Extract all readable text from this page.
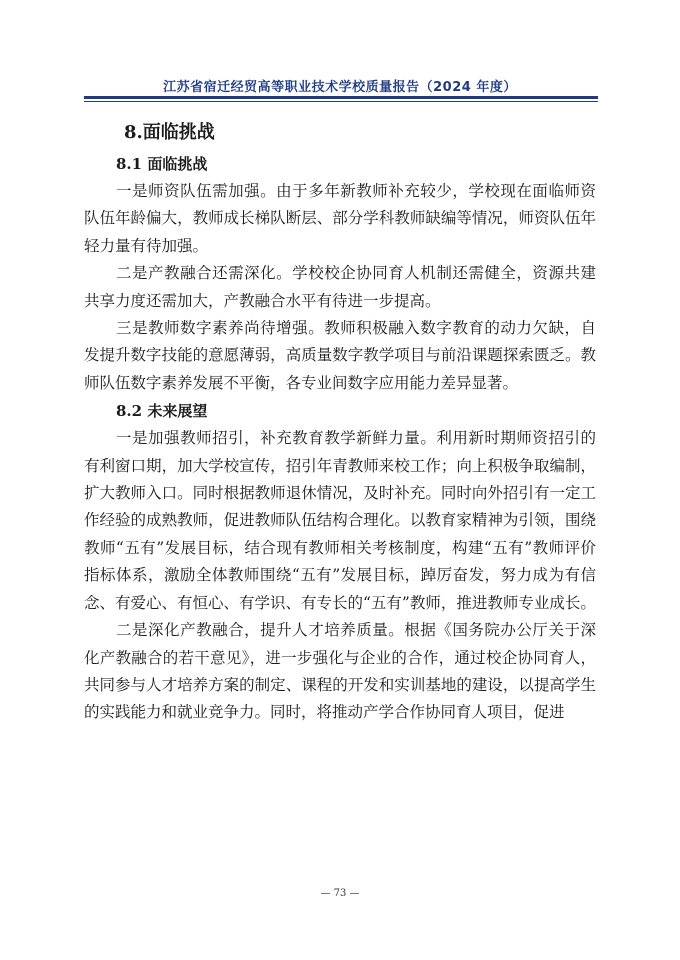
江苏省宿迁经贸高等职业技术学校质量报告（2024 年度）
8.面临挑战
8.1 面临挑战

一是师资队伍需加强。由于多年新教师补充较少，学校现在面临师资队伍年龄偏大，教师成长梯队断层、部分学科教师缺编等情况，师资队伍年轻力量有待加强。

二是产教融合还需深化。学校校企协同育人机制还需健全，资源共建共享力度还需加大，产教融合水平有待进一步提高。

三是教师数字素养尚待增强。教师积极融入数字教育的动力欠缺，自发提升数字技能的意愿薄弱，高质量数字教学项目与前沿课题探索匮乏。教师队伍数字素养发展不平衡，各专业间数字应用能力差异显著。

8.2 未来展望

一是加强教师招引，补充教育教学新鲜力量。利用新时期师资招引的有利窗口期，加大学校宣传，招引年青教师来校工作；向上积极争取编制，扩大教师入口。同时根据教师退休情况，及时补充。同时向外招引有一定工作经验的成熟教师，促进教师队伍结构合理化。以教育家精神为引领，围绕教师“五有”发展目标，结合现有教师相关考核制度，构建“五有”教师评价指标体系，激励全体教师围绕“五有”发展目标，踔厉奋发，努力成为有信念、有爱心、有恒心、有学识、有专长的“五有”教师，推进教师专业成长。

二是深化产教融合，提升人才培养质量。根据《国务院办公厅关于深化产教融合的若干意见》，进一步强化与企业的合作，通过校企协同育人，共同参与人才培养方案的制定、课程的开发和实训基地的建设，以提高学生的实践能力和就业竞争力。同时，将推动产学合作协同育人项目，促进

— 73 —
